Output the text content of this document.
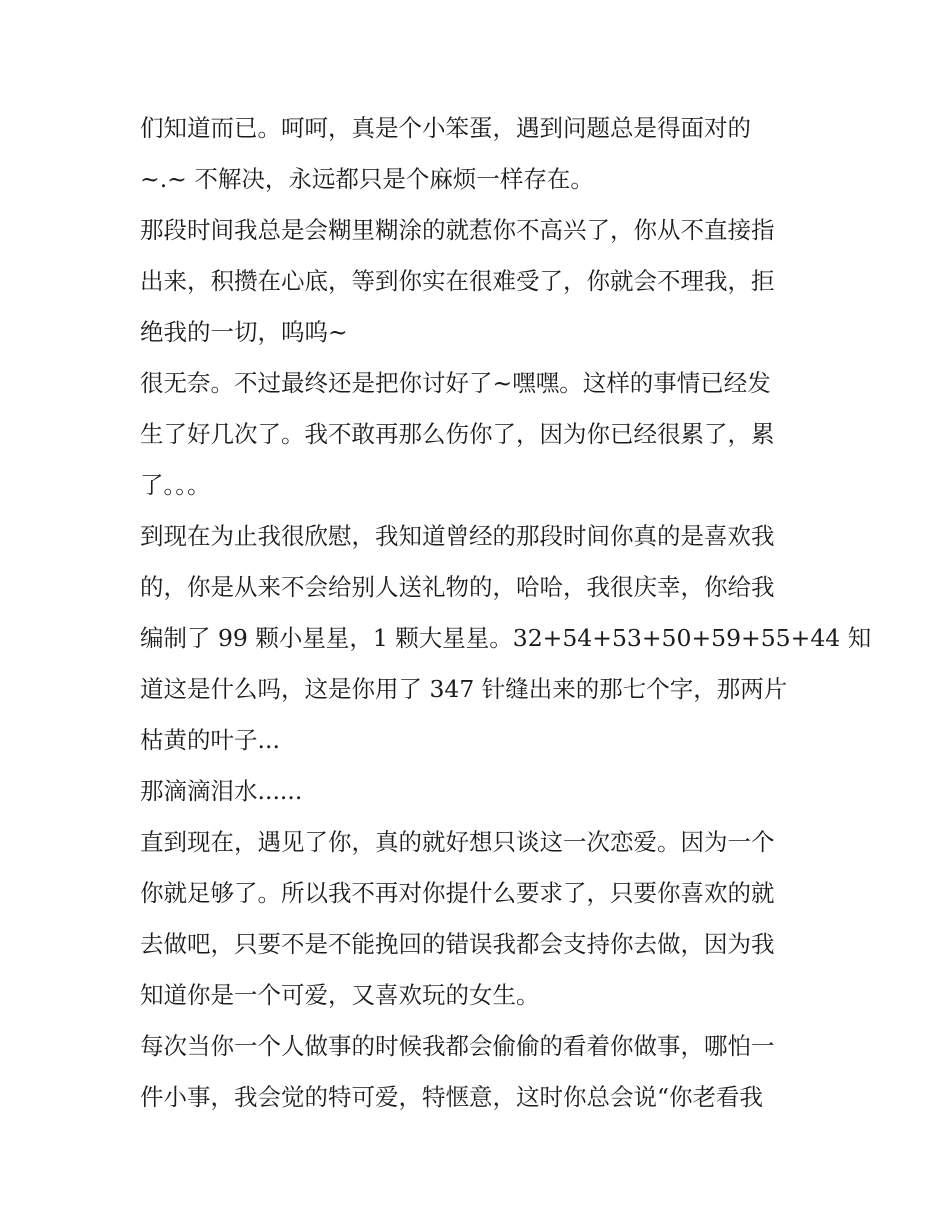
们知道而已。呵呵，真是个小笨蛋，遇到问题总是得面对的
~.~ 不解决，永远都只是个麻烦一样存在。
那段时间我总是会糊里糊涂的就惹你不高兴了，你从不直接指
出来，积攒在心底，等到你实在很难受了，你就会不理我，拒
绝我的一切，呜呜~
很无奈。不过最终还是把你讨好了~嘿嘿。这样的事情已经发
生了好几次了。我不敢再那么伤你了，因为你已经很累了，累
了。。。
到现在为止我很欣慰，我知道曾经的那段时间你真的是喜欢我
的，你是从来不会给别人送礼物的，哈哈，我很庆幸，你给我
编制了 99 颗小星星，1 颗大星星。32+54+53+50+59+55+44 知
道这是什么吗，这是你用了 347 针缝出来的那七个字，那两片
枯黄的叶子...
那滴滴泪水......
直到现在，遇见了你，真的就好想只谈这一次恋爱。因为一个
你就足够了。所以我不再对你提什么要求了，只要你喜欢的就
去做吧，只要不是不能挽回的错误我都会支持你去做，因为我
知道你是一个可爱，又喜欢玩的女生。
每次当你一个人做事的时候我都会偷偷的看着你做事，哪怕一
件小事，我会觉的特可爱，特惬意，这时你总会说“你老看我
